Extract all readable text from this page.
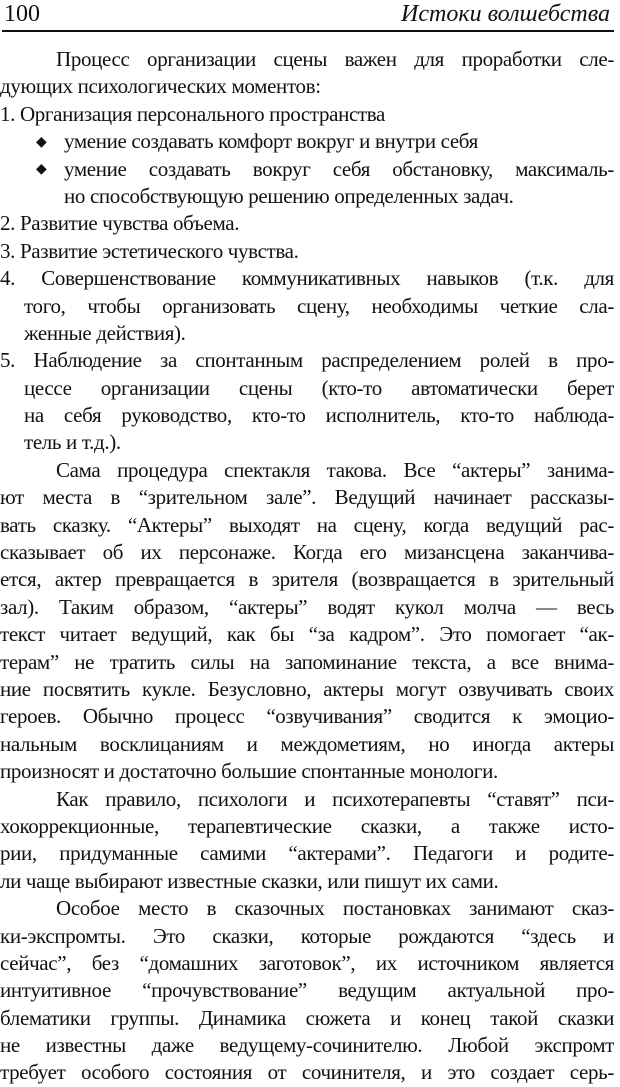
100	Истоки волшебства
Процесс организации сцены важен для проработки сле-
дующих психологических моментов:
1. Организация персонального пространства
◆ умение создавать комфорт вокруг и внутри себя
◆ умение создавать вокруг себя обстановку, максималь-
но способствующую решению определенных задач.
2. Развитие чувства объема.
3. Развитие эстетического чувства.
4. Совершенствование коммуникативных навыков (т.к. для
того, чтобы организовать сцену, необходимы четкие сла-
женные действия).
5. Наблюдение за спонтанным распределением ролей в про-
цессе организации сцены (кто-то автоматически берет
на себя руководство, кто-то исполнитель, кто-то наблюда-
тель и т.д.).
Сама процедура спектакля такова. Все “актеры” занима-
ют места в “зрительном зале”. Ведущий начинает рассказы-
вать сказку. “Актеры” выходят на сцену, когда ведущий рас-
сказывает об их персонаже. Когда его мизансцена заканчива-
ется, актер превращается в зрителя (возвращается в зрительный
зал). Таким образом, “актеры” водят кукол молча — весь
текст читает ведущий, как бы “за кадром”. Это помогает “ак-
терам” не тратить силы на запоминание текста, а все внима-
ние посвятить кукле. Безусловно, актеры могут озвучивать своих
героев. Обычно процесс “озвучивания” сводится к эмоцио-
нальным восклицаниям и междометиям, но иногда актеры
произносят и достаточно большие спонтанные монологи.
Как правило, психологи и психотерапевты “ставят” пси-
хокоррекционные, терапевтические сказки, а также исто-
рии, придуманные самими “актерами”. Педагоги и родите-
ли чаще выбирают известные сказки, или пишут их сами.
Особое место в сказочных постановках занимают сказ-
ки-экспромты. Это сказки, которые рождаются “здесь и
сейчас”, без “домашних заготовок”, их источником является
интуитивное “прочувствование” ведущим актуальной про-
блематики группы. Динамика сюжета и конец такой сказки
не известны даже ведущему-сочинителю. Любой экспромт
требует особого состояния от сочинителя, и это создает серь-
